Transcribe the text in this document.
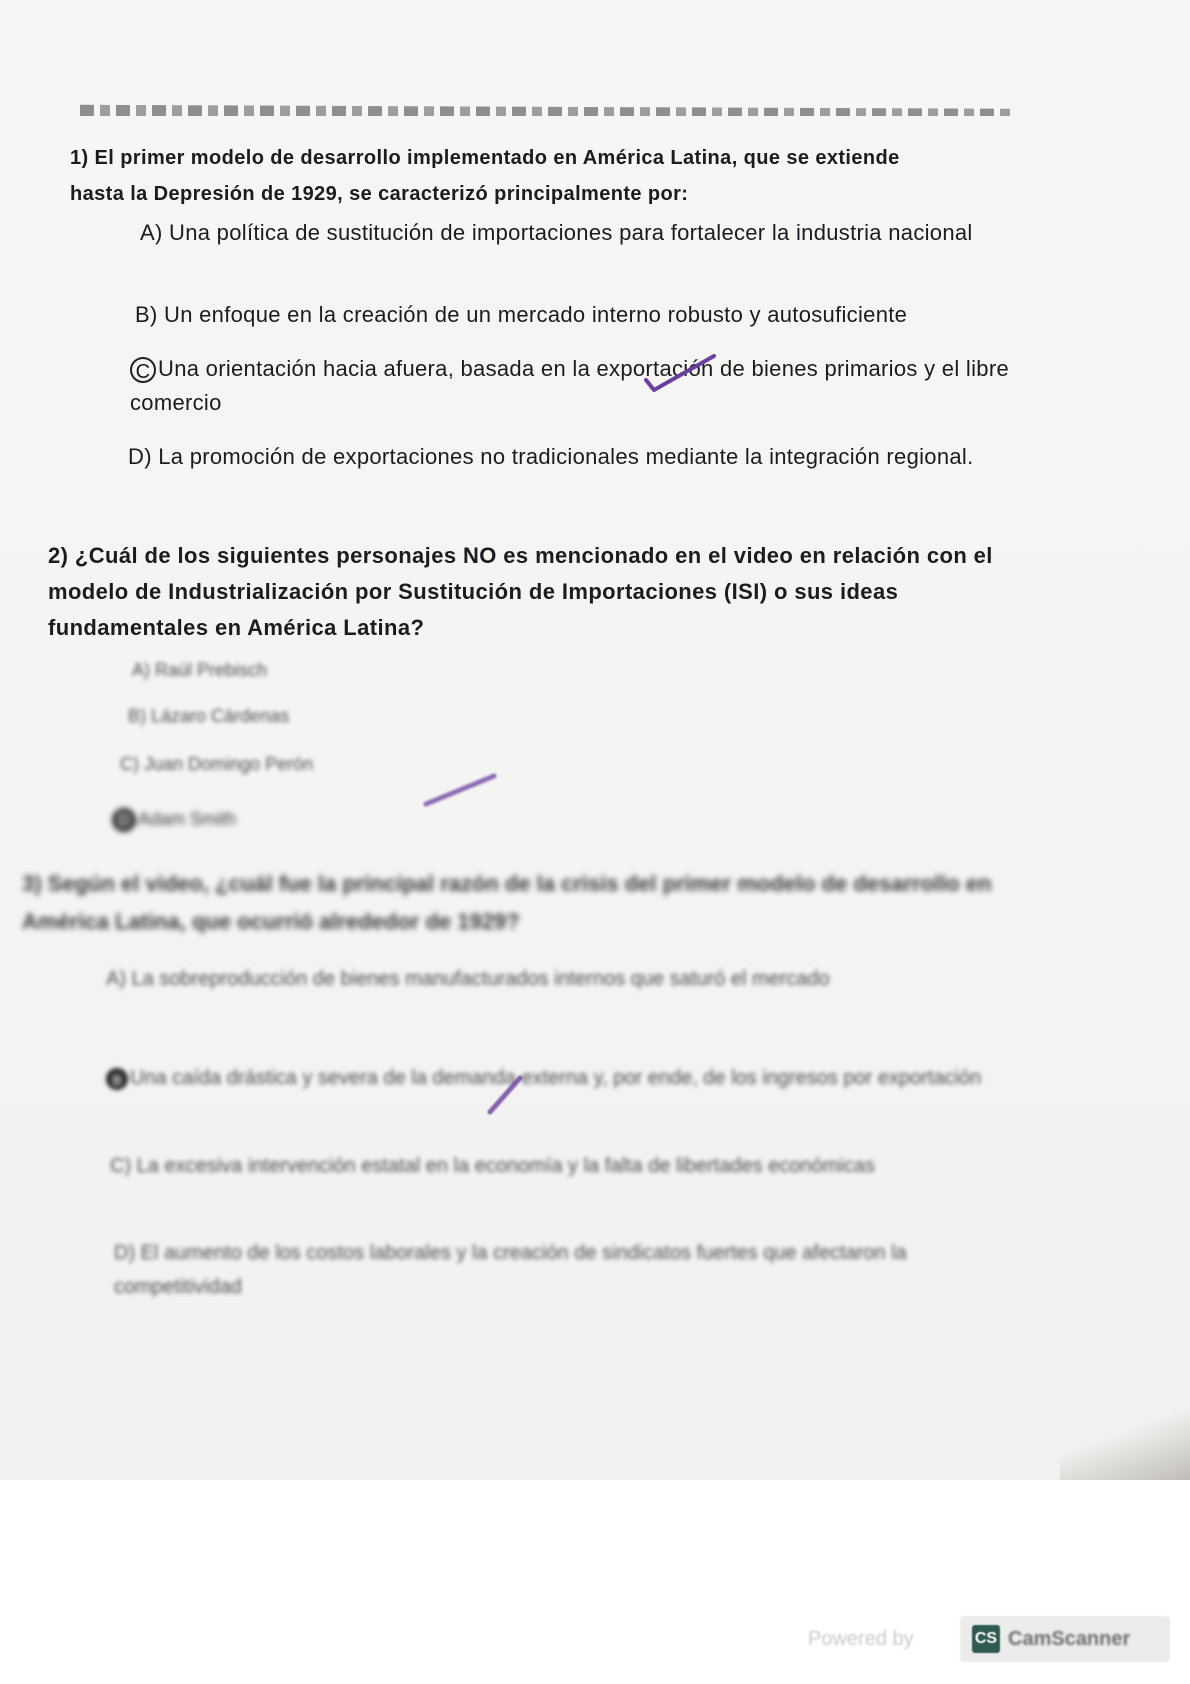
1) El primer modelo de desarrollo implementado en América Latina, que se extiende hasta la Depresión de 1929, se caracterizó principalmente por:
A) Una política de sustitución de importaciones para fortalecer la industria nacional
B) Un enfoque en la creación de un mercado interno robusto y autosuficiente
C Una orientación hacia afuera, basada en la exportación de bienes primarios y el libre comercio
D) La promoción de exportaciones no tradicionales mediante la integración regional.
2) ¿Cuál de los siguientes personajes NO es mencionado en el video en relación con el modelo de Industrialización por Sustitución de Importaciones (ISI) o sus ideas fundamentales en América Latina?
A) Raúl Prebisch
B) Lázaro Cárdenas
C) Juan Domingo Perón
D Adam Smith
3) Según el video, ¿cuál fue la principal razón de la crisis del primer modelo de desarrollo en América Latina, que ocurrió alrededor de 1929?
A) La sobreproducción de bienes manufacturados internos que saturó el mercado
B Una caída drástica y severa de la demanda externa y, por ende, de los ingresos por exportación
C) La excesiva intervención estatal en la economía y la falta de libertades económicas
D) El aumento de los costos laborales y la creación de sindicatos fuertes que afectaron la competitividad
Powered by	CS CamScanner
